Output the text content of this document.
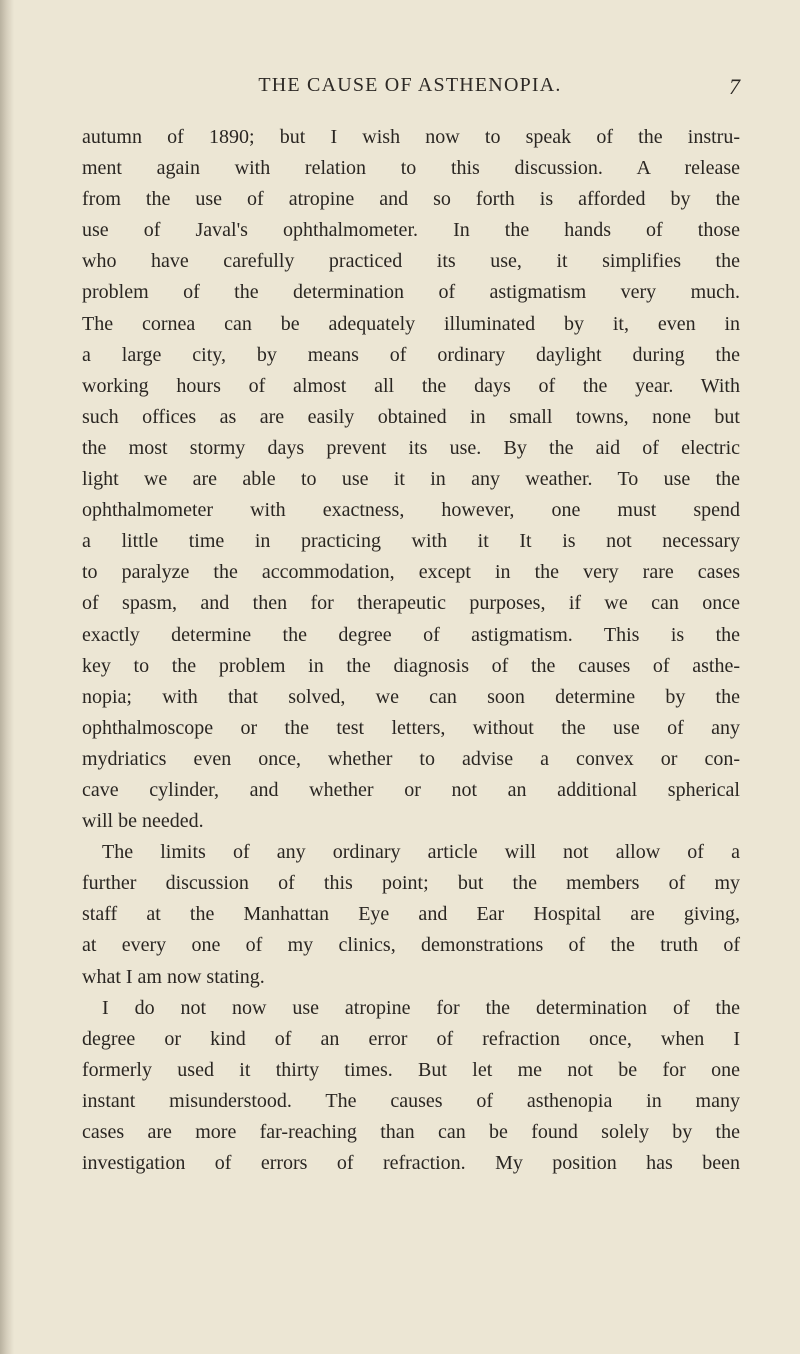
THE CAUSE OF ASTHENOPIA.	7
autumn of 1890; but I wish now to speak of the instru-
ment again with relation to this discussion. A release
from the use of atropine and so forth is afforded by the
use of Javal's ophthalmometer. In the hands of those
who have carefully practiced its use, it simplifies the
problem of the determination of astigmatism very much.
The cornea can be adequately illuminated by it, even in
a large city, by means of ordinary daylight during the
working hours of almost all the days of the year. With
such offices as are easily obtained in small towns, none but
the most stormy days prevent its use. By the aid of electric
light we are able to use it in any weather. To use the
ophthalmometer with exactness, however, one must spend
a little time in practicing with it It is not necessary
to paralyze the accommodation, except in the very rare cases
of spasm, and then for therapeutic purposes, if we can once
exactly determine the degree of astigmatism. This is the
key to the problem in the diagnosis of the causes of asthe-
nopia; with that solved, we can soon determine by the
ophthalmoscope or the test letters, without the use of any
mydriatics even once, whether to advise a convex or con-
cave cylinder, and whether or not an additional spherical
will be needed.
The limits of any ordinary article will not allow of a
further discussion of this point; but the members of my
staff at the Manhattan Eye and Ear Hospital are giving,
at every one of my clinics, demonstrations of the truth of
what I am now stating.
I do not now use atropine for the determination of the
degree or kind of an error of refraction once, when I
formerly used it thirty times. But let me not be for one
instant misunderstood. The causes of asthenopia in many
cases are more far-reaching than can be found solely by the
investigation of errors of refraction. My position has been
